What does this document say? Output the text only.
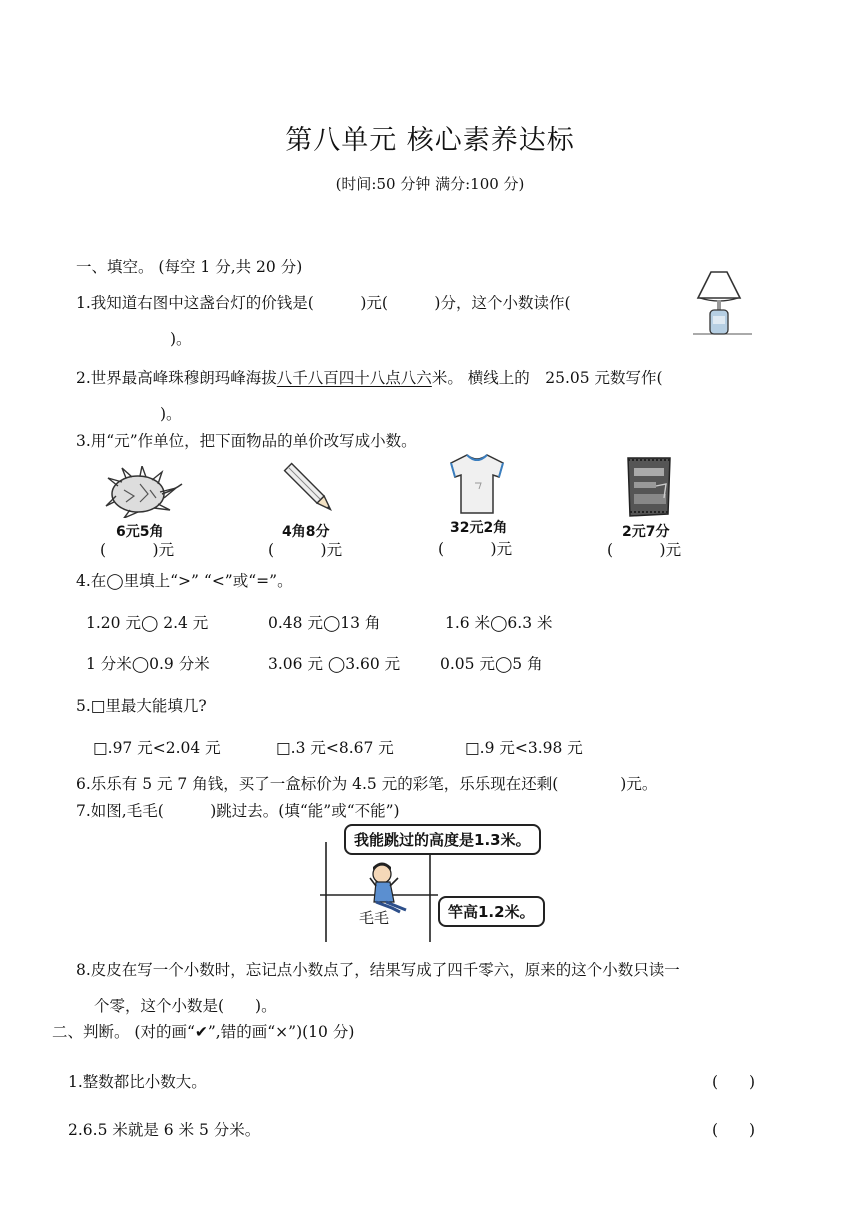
第八单元 核心素养达标
(时间:50 分钟 满分:100 分)
一、填空。 (每空 1 分,共 20 分)
1.我知道右图中这盏台灯的价钱是(　　　)元(　　　)分，这个小数读作(
)。
2.世界最高峰珠穆朗玛峰海拔八千八百四十八点八六米。 横线上的　25.05 元数写作(
)。
3.用“元”作单位，把下面物品的单价改写成小数。
6元5角
(　　　)元
4角8分
(　　　)元
32元2角
(　　　)元
2元7分
(　　　)元
4.在◯里填上“>” “<”或“=”。
1.20 元◯ 2.4 元	0.48 元◯13 角	1.6 米◯6.3 米
1 分米◯0.9 分米	3.06 元 ◯3.60 元	0.05 元◯5 角
5.□里最大能填几?
□.97 元<2.04 元	□.3 元<8.67 元	□.9 元<3.98 元
6.乐乐有 5 元 7 角钱，买了一盒标价为 4.5 元的彩笔，乐乐现在还剩(　　　　)元。
7.如图,毛毛(　　　)跳过去。(填“能”或“不能”)
我能跳过的高度是1.3米。
竿高1.2米。
毛毛
8.皮皮在写一个小数时，忘记点小数点了，结果写成了四千零六，原来的这个小数只读一
个零，这个小数是(　　)。
二、判断。 (对的画“✔”,错的画“×”)(10 分)
1.整数都比小数大。	(　　)
2.6.5 米就是 6 米 5 分米。	(　　)
